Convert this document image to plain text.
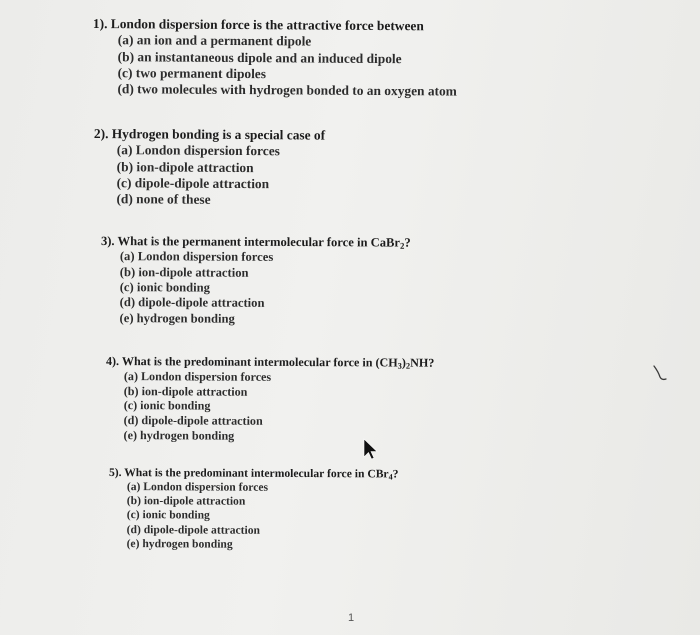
1). London dispersion force is the attractive force between
(a) an ion and a permanent dipole
(b) an instantaneous dipole and an induced dipole
(c) two permanent dipoles
(d) two molecules with hydrogen bonded to an oxygen atom
2). Hydrogen bonding is a special case of
(a) London dispersion forces
(b) ion-dipole attraction
(c) dipole-dipole attraction
(d) none of these
3). What is the permanent intermolecular force in CaBr$_2$?
(a) London dispersion forces
(b) ion-dipole attraction
(c) ionic bonding
(d) dipole-dipole attraction
(e) hydrogen bonding
4). What is the predominant intermolecular force in $(CH_3)_2NH$?
(a) London dispersion forces
(b) ion-dipole attraction
(c) ionic bonding
(d) dipole-dipole attraction
(e) hydrogen bonding
5). What is the predominant intermolecular force in CBr$_4$?
(a) London dispersion forces
(b) ion-dipole attraction
(c) ionic bonding
(d) dipole-dipole attraction
(e) hydrogen bonding
1
